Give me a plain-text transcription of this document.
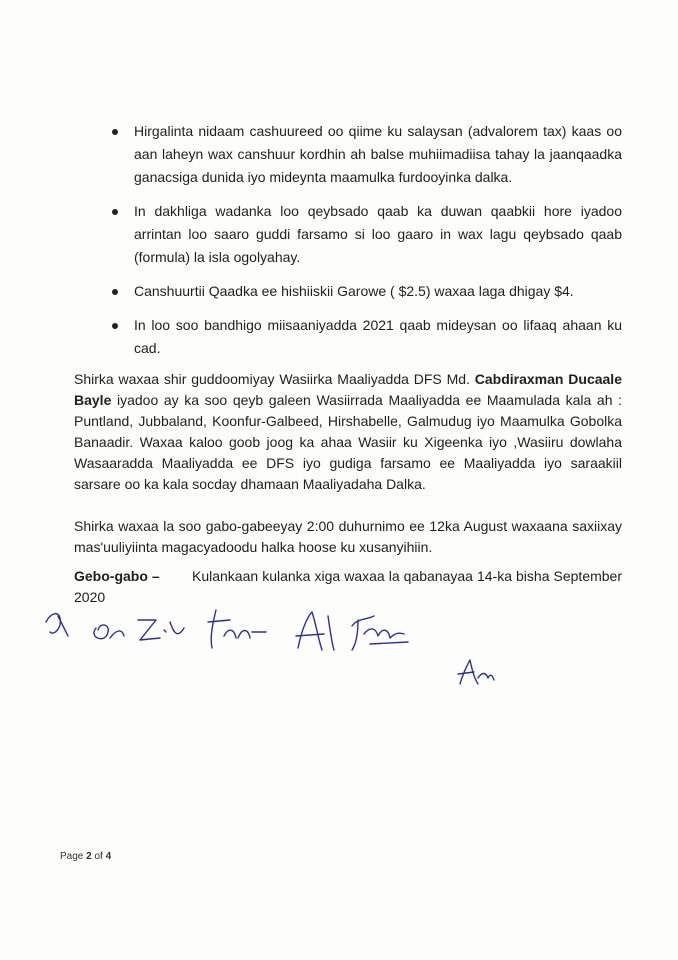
Hirgalinta nidaam cashuureed oo qiime ku salaysan (advalorem tax) kaas oo aan laheyn wax canshuur kordhin ah balse muhiimadiisa tahay la jaanqaadka ganacsiga dunida iyo mideynta maamulka furdooyinka dalka.
In dakhliga wadanka loo qeybsado qaab ka duwan qaabkii hore iyadoo arrintan loo saaro guddi farsamo si loo gaaro in wax lagu qeybsado qaab (formula) la isla ogolyahay.
Canshuurtii Qaadka ee hishiiskii Garowe ( $2.5) waxaa laga dhigay $4.
In loo soo bandhigo miisaaniyadda 2021 qaab mideysan oo lifaaq ahaan ku cad.
Shirka waxaa shir guddoomiyay Wasiirka Maaliyadda DFS Md. Cabdiraxman Ducaale Bayle iyadoo ay ka soo qeyb galeen Wasiirrada Maaliyadda ee Maamulada kala ah : Puntland, Jubbaland, Koonfur-Galbeed, Hirshabelle, Galmudug iyo Maamulka Gobolka Banaadir. Waxaa kaloo goob joog ka ahaa Wasiir ku Xigeenka iyo ,Wasiiru dowlaha Wasaaradda Maaliyadda ee DFS iyo gudiga farsamo ee Maaliyadda iyo saraakiil sarsare oo ka kala socday dhamaan Maaliyadaha Dalka.
Shirka waxaa la soo gabo-gabeeyay 2:00 duhurnimo ee 12ka August waxaana saxiixay mas'uuliyiinta magacyadoodu halka hoose ku xusanyihiin.
Gebo-gabo –        Kulankaan kulanka xiga waxaa la qabanayaa 14-ka bisha September 2020
Page 2 of 4
